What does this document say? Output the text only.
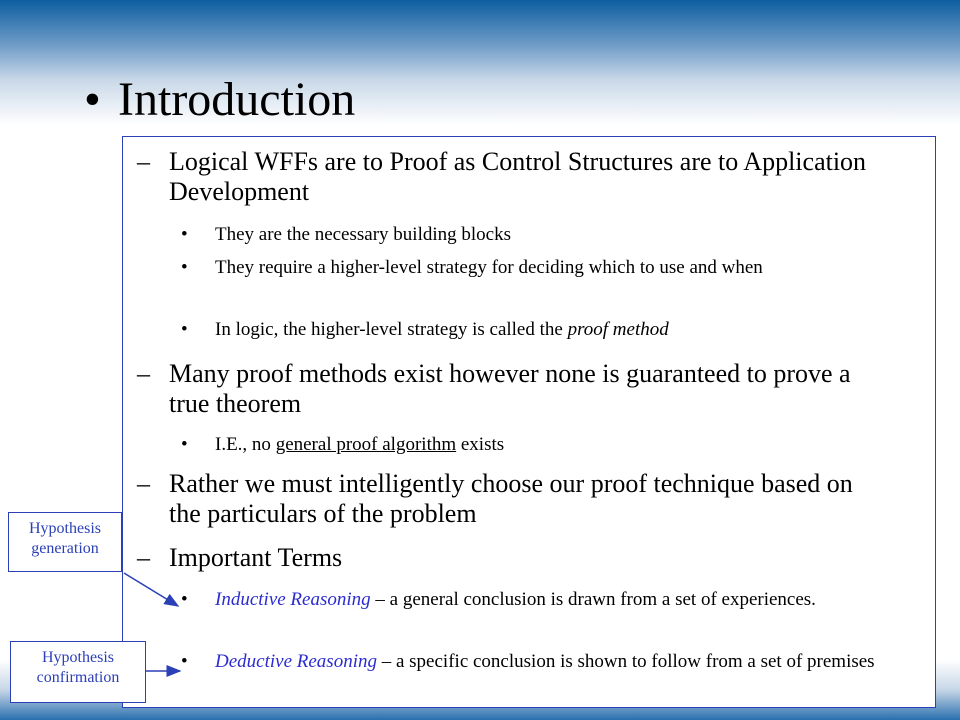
• Introduction
– Logical WFFs are to Proof as Control Structures are to Application Development
• They are the necessary building blocks
• They require a higher-level strategy for deciding which to use and when
• In logic, the higher-level strategy is called the proof method
– Many proof methods exist however none is guaranteed to prove a true theorem
• I.E., no general proof algorithm exists
– Rather we must intelligently choose our proof technique based on the particulars of the problem
– Important Terms
• Inductive Reasoning – a general conclusion is drawn from a set of experiences.
• Deductive Reasoning – a specific conclusion is shown to follow from a set of premises
Hypothesis
generation
Hypothesis
confirmation
